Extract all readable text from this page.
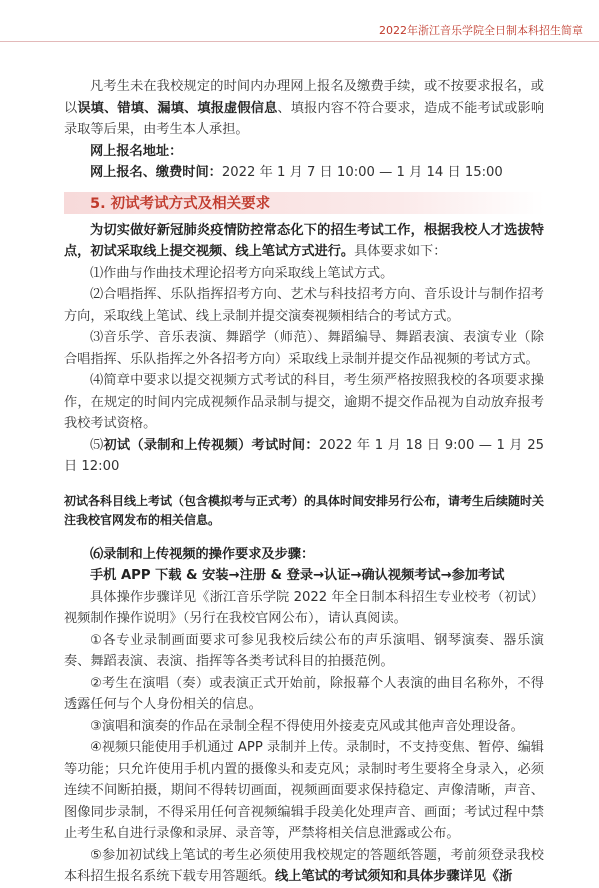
2022年浙江音乐学院全日制本科招生简章

凡考生未在我校规定的时间内办理网上报名及缴费手续，或不按要求报名，或以误填、错填、漏填、填报虚假信息、填报内容不符合要求，造成不能考试或影响录取等后果，由考生本人承担。

网上报名地址：
网上报名、缴费时间：2022 年 1 月 7 日 10:00 — 1 月 14 日 15:00
5. 初试考试方式及相关要求

为切实做好新冠肺炎疫情防控常态化下的招生考试工作，根据我校人才选拔特点，初试采取线上提交视频、线上笔试方式进行。具体要求如下：

⑴作曲与作曲技术理论招考方向采取线上笔试方式。

⑵合唱指挥、乐队指挥招考方向、艺术与科技招考方向、音乐设计与制作招考方向，采取线上笔试、线上录制并提交演奏视频相结合的考试方式。

⑶音乐学、音乐表演、舞蹈学（师范）、舞蹈编导、舞蹈表演、表演专业（除合唱指挥、乐队指挥之外各招考方向）采取线上录制并提交作品视频的考试方式。

⑷简章中要求以提交视频方式考试的科目，考生须严格按照我校的各项要求操作，在规定的时间内完成视频作品录制与提交，逾期不提交作品视为自动放弃报考我校考试资格。

⑸初试（录制和上传视频）考试时间：2022 年 1 月 18 日 9:00 — 1 月 25 日 12:00

初试各科目线上考试（包含模拟考与正式考）的具体时间安排另行公布，请考生后续随时关注我校官网发布的相关信息。

⑹录制和上传视频的操作要求及步骤：

手机 APP 下载 & 安装→注册 & 登录→认证→确认视频考试→参加考试

具体操作步骤详见《浙江音乐学院 2022 年全日制本科招生专业校考（初试）视频制作操作说明》（另行在我校官网公布），请认真阅读。

①各专业录制画面要求可参见我校后续公布的声乐演唱、钢琴演奏、器乐演奏、舞蹈表演、表演、指挥等各类考试科目的拍摄范例。

②考生在演唱（奏）或表演正式开始前，除报幕个人表演的曲目名称外，不得透露任何与个人身份相关的信息。

③演唱和演奏的作品在录制全程不得使用外接麦克风或其他声音处理设备。

④视频只能使用手机通过 APP 录制并上传。录制时，不支持变焦、暂停、编辑等功能；只允许使用手机内置的摄像头和麦克风；录制时考生要将全身录入，必须连续不间断拍摄，期间不得转切画面，视频画面要求保持稳定、声像清晰，声音、图像同步录制，不得采用任何音视频编辑手段美化处理声音、画面；考试过程中禁止考生私自进行录像和录屏、录音等，严禁将相关信息泄露或公布。

⑤参加初试线上笔试的考生必须使用我校规定的答题纸答题，考前须登录我校本科招生报名系统下载专用答题纸。线上笔试的考试须知和具体步骤详见《浙
